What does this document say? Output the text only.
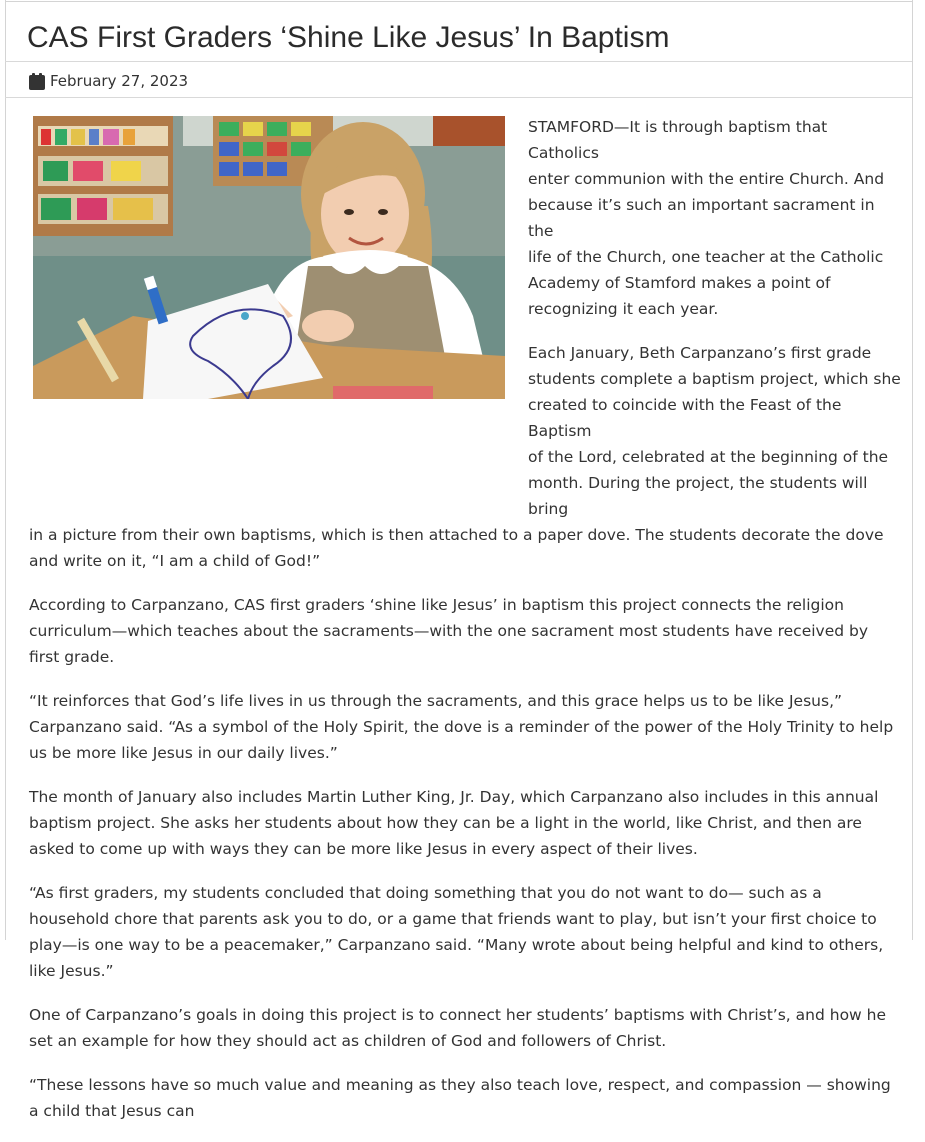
CAS First Graders ‘Shine Like Jesus’ In Baptism
February 27, 2023

STAMFORD—It is through baptism that Catholics
enter communion with the entire Church. And
because it’s such an important sacrament in the
life of the Church, one teacher at the Catholic
Academy of Stamford makes a point of
recognizing it each year.

Each January, Beth Carpanzano’s first grade
students complete a baptism project, which she
created to coincide with the Feast of the Baptism
of the Lord, celebrated at the beginning of the
month. During the project, the students will bring
in a picture from their own baptisms, which is then attached to a paper dove. The students decorate the dove and write on it, “I am a child of God!”

According to Carpanzano, CAS first graders ‘shine like Jesus’ in baptism this project connects the religion curriculum—which teaches about the sacraments—with the one sacrament most students have received by first grade.

“It reinforces that God’s life lives in us through the sacraments, and this grace helps us to be like Jesus,” Carpanzano said. “As a symbol of the Holy Spirit, the dove is a reminder of the power of the Holy Trinity to help us be more like Jesus in our daily lives.”

The month of January also includes Martin Luther King, Jr. Day, which Carpanzano also includes in this annual baptism project. She asks her students about how they can be a light in the world, like Christ, and then are asked to come up with ways they can be more like Jesus in every aspect of their lives.

“As first graders, my students concluded that doing something that you do not want to do— such as a household chore that parents ask you to do, or a game that friends want to play, but isn’t your first choice to play—is one way to be a peacemaker,” Carpanzano said. “Many wrote about being helpful and kind to others, like Jesus.”

One of Carpanzano’s goals in doing this project is to connect her students’ baptisms with Christ’s, and how he set an example for how they should act as children of God and followers of Christ.

“These lessons have so much value and meaning as they also teach love, respect, and compassion — showing a child that Jesus can
